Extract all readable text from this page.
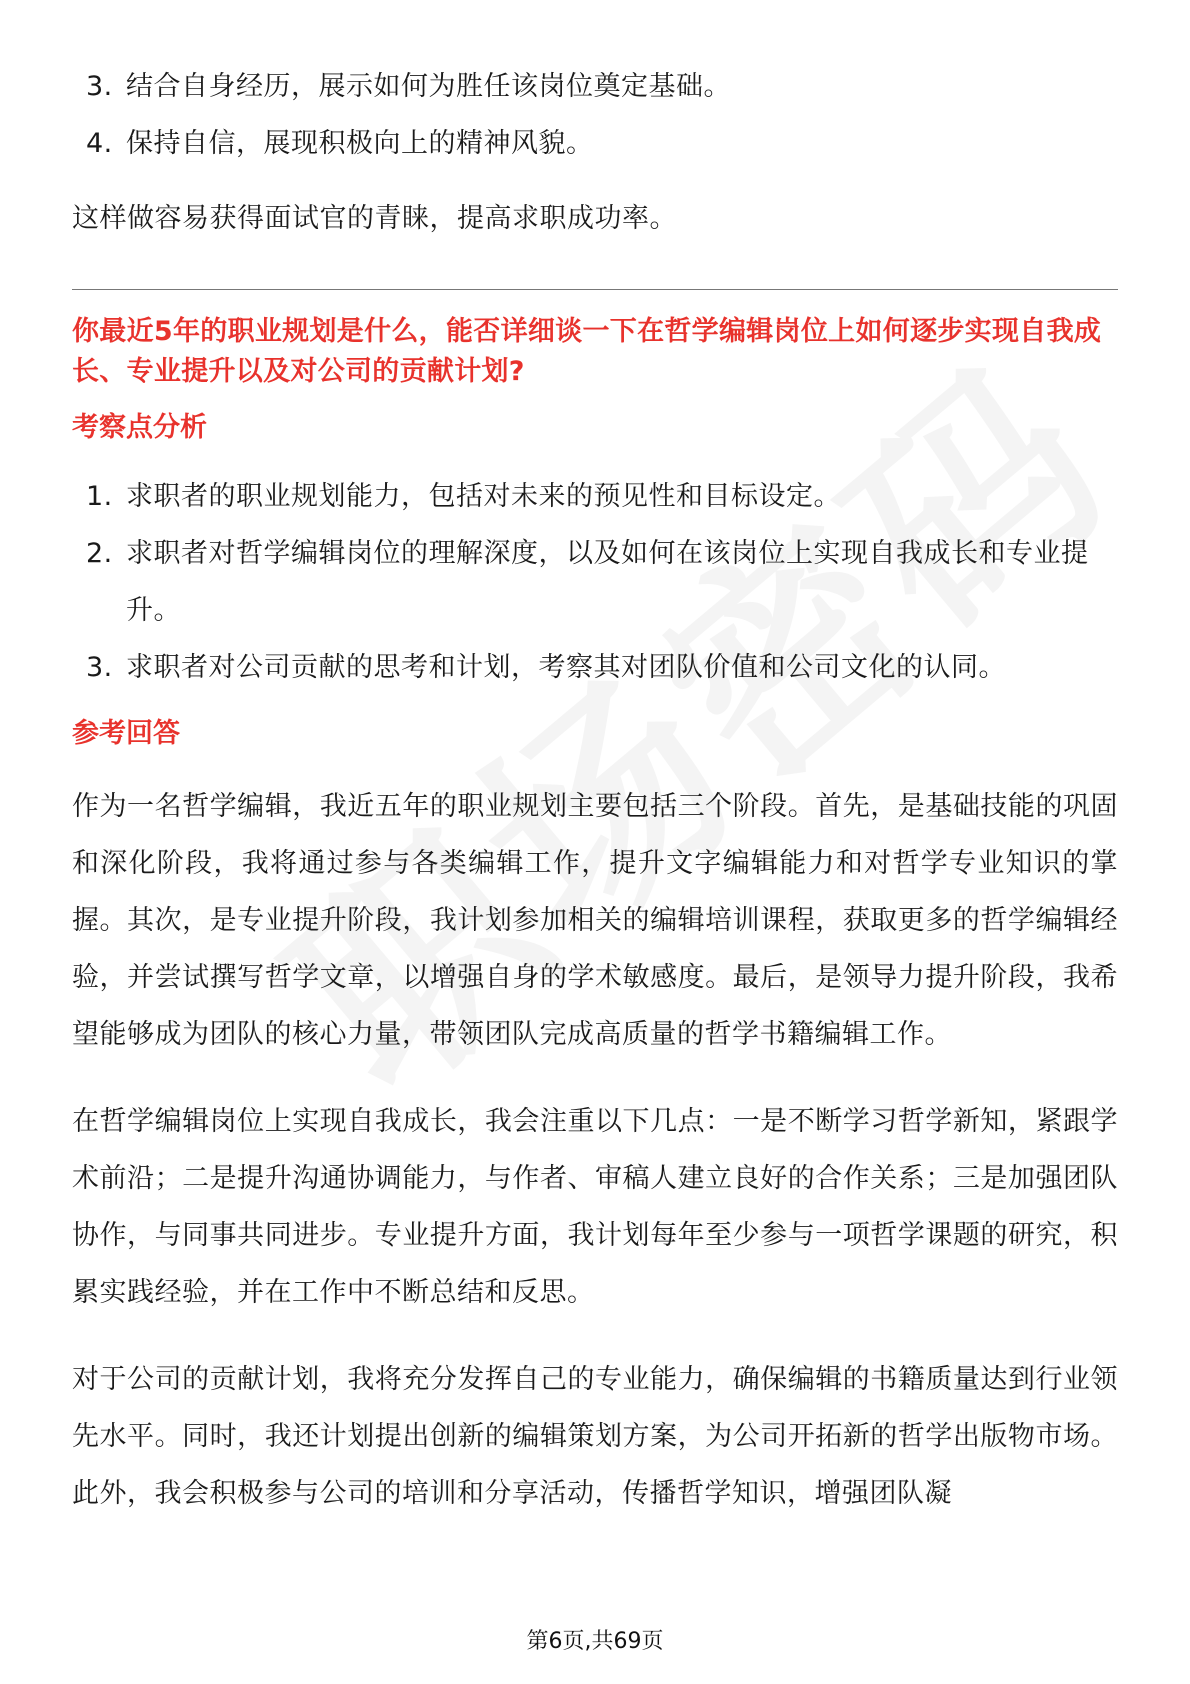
3. 结合自身经历，展示如何为胜任该岗位奠定基础。
4. 保持自信，展现积极向上的精神风貌。

这样做容易获得面试官的青睐，提高求职成功率。

你最近5年的职业规划是什么，能否详细谈一下在哲学编辑岗位上如何逐步实现自我成长、专业提升以及对公司的贡献计划?

考察点分析

1. 求职者的职业规划能力，包括对未来的预见性和目标设定。
2. 求职者对哲学编辑岗位的理解深度，以及如何在该岗位上实现自我成长和专业提升。
3. 求职者对公司贡献的思考和计划，考察其对团队价值和公司文化的认同。

参考回答

作为一名哲学编辑，我近五年的职业规划主要包括三个阶段。首先，是基础技能的巩固和深化阶段，我将通过参与各类编辑工作，提升文字编辑能力和对哲学专业知识的掌握。其次，是专业提升阶段，我计划参加相关的编辑培训课程，获取更多的哲学编辑经验，并尝试撰写哲学文章，以增强自身的学术敏感度。最后，是领导力提升阶段，我希望能够成为团队的核心力量，带领团队完成高质量的哲学书籍编辑工作。

在哲学编辑岗位上实现自我成长，我会注重以下几点：一是不断学习哲学新知，紧跟学术前沿；二是提升沟通协调能力，与作者、审稿人建立良好的合作关系；三是加强团队协作，与同事共同进步。专业提升方面，我计划每年至少参与一项哲学课题的研究，积累实践经验，并在工作中不断总结和反思。

对于公司的贡献计划，我将充分发挥自己的专业能力，确保编辑的书籍质量达到行业领先水平。同时，我还计划提出创新的编辑策划方案，为公司开拓新的哲学出版物市场。此外，我会积极参与公司的培训和分享活动，传播哲学知识，增强团队凝

第6页,共69页
